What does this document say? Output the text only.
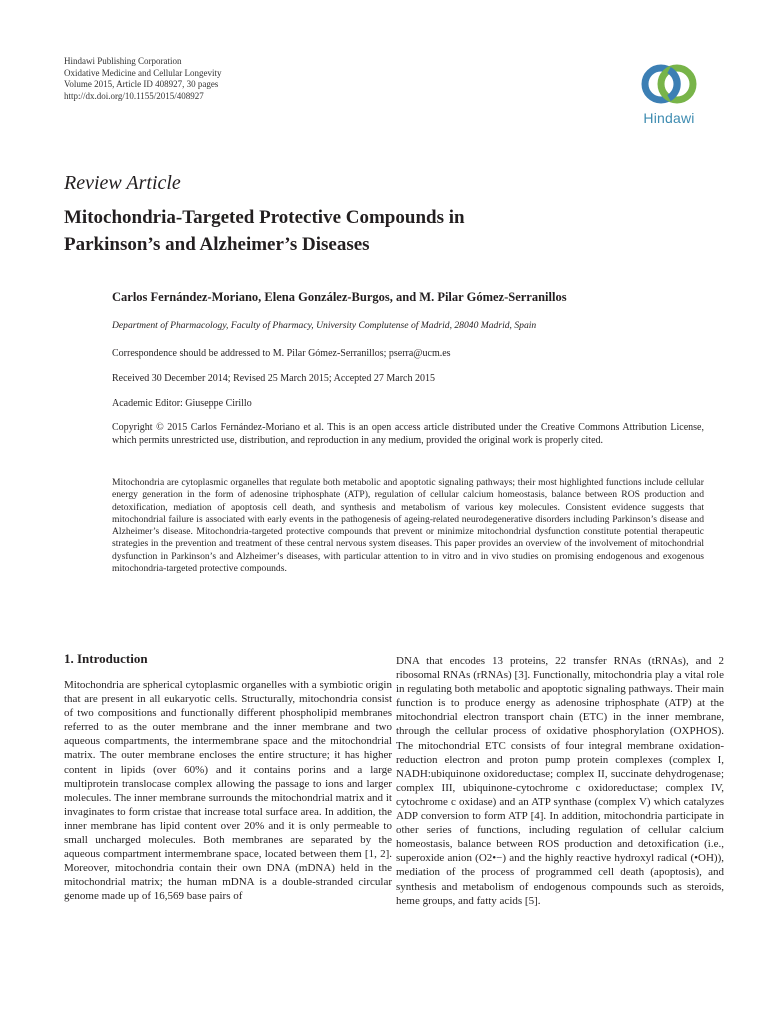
Hindawi Publishing Corporation
Oxidative Medicine and Cellular Longevity
Volume 2015, Article ID 408927, 30 pages
http://dx.doi.org/10.1155/2015/408927
Hindawi
Review Article
Mitochondria-Targeted Protective Compounds in
Parkinson’s and Alzheimer’s Diseases
Carlos Fernández-Moriano, Elena González-Burgos, and M. Pilar Gómez-Serranillos
Department of Pharmacology, Faculty of Pharmacy, University Complutense of Madrid, 28040 Madrid, Spain
Correspondence should be addressed to M. Pilar Gómez-Serranillos; pserra@ucm.es
Received 30 December 2014; Revised 25 March 2015; Accepted 27 March 2015
Academic Editor: Giuseppe Cirillo
Copyright © 2015 Carlos Fernández-Moriano et al. This is an open access article distributed under the Creative Commons Attribution License, which permits unrestricted use, distribution, and reproduction in any medium, provided the original work is properly cited.
Mitochondria are cytoplasmic organelles that regulate both metabolic and apoptotic signaling pathways; their most highlighted functions include cellular energy generation in the form of adenosine triphosphate (ATP), regulation of cellular calcium homeostasis, balance between ROS production and detoxification, mediation of apoptosis cell death, and synthesis and metabolism of various key molecules. Consistent evidence suggests that mitochondrial failure is associated with early events in the pathogenesis of ageing-related neurodegenerative disorders including Parkinson’s disease and Alzheimer’s disease. Mitochondria-targeted protective compounds that prevent or minimize mitochondrial dysfunction constitute potential therapeutic strategies in the prevention and treatment of these central nervous system diseases. This paper provides an overview of the involvement of mitochondrial dysfunction in Parkinson’s and Alzheimer’s diseases, with particular attention to in vitro and in vivo studies on promising endogenous and exogenous mitochondria-targeted protective compounds.
1. Introduction
Mitochondria are spherical cytoplasmic organelles with a symbiotic origin that are present in all eukaryotic cells. Structurally, mitochondria consist of two compositions and functionally different phospholipid membranes referred to as the outer membrane and the inner membrane and two aqueous compartments, the intermembrane space and the mitochondrial matrix. The outer membrane encloses the entire structure; it has higher content in lipids (over 60%) and it contains porins and a large multiprotein translocase complex allowing the passage to ions and larger molecules. The inner membrane surrounds the mitochondrial matrix and it invaginates to form cristae that increase total surface area. In addition, the inner membrane has lipid content over 20% and it is only permeable to small uncharged molecules. Both membranes are separated by the aqueous compartment intermembrane space, located between them [1, 2]. Moreover, mitochondria contain their own DNA (mDNA) held in the mitochondrial matrix; the human mDNA is a double-stranded circular genome made up of 16,569 base pairs of
DNA that encodes 13 proteins, 22 transfer RNAs (tRNAs), and 2 ribosomal RNAs (rRNAs) [3]. Functionally, mitochondria play a vital role in regulating both metabolic and apoptotic signaling pathways. Their main function is to produce energy as adenosine triphosphate (ATP) at the mitochondrial electron transport chain (ETC) in the inner membrane, through the cellular process of oxidative phosphorylation (OXPHOS). The mitochondrial ETC consists of four integral membrane oxidation-reduction electron and proton pump protein complexes (complex I, NADH:ubiquinone oxidoreductase; complex II, succinate dehydrogenase; complex III, ubiquinone-cytochrome c oxidoreductase; complex IV, cytochrome c oxidase) and an ATP synthase (complex V) which catalyzes ADP conversion to form ATP [4]. In addition, mitochondria participate in other series of functions, including regulation of cellular calcium homeostasis, balance between ROS production and detoxification (i.e., superoxide anion (O2•−) and the highly reactive hydroxyl radical (•OH)), mediation of the process of programmed cell death (apoptosis), and synthesis and metabolism of endogenous compounds such as steroids, heme groups, and fatty acids [5].
